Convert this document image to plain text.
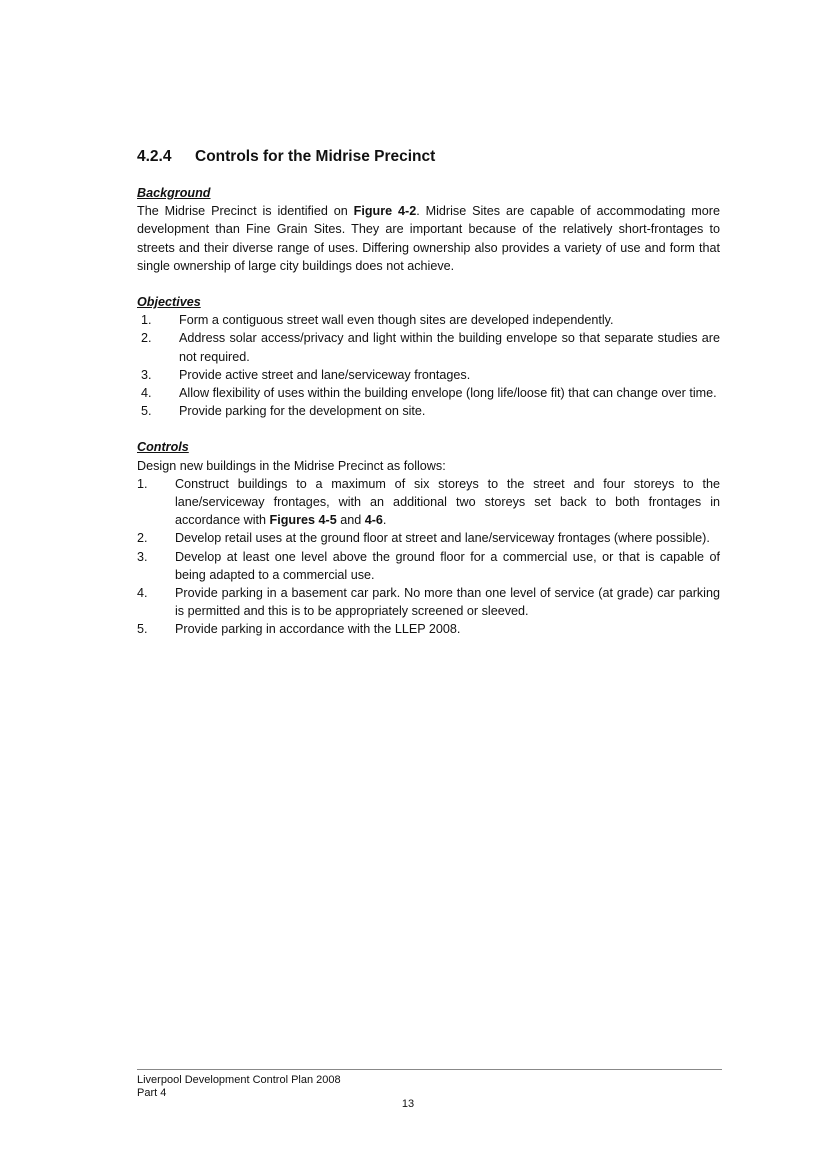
4.2.4	Controls for the Midrise Precinct

Background

The Midrise Precinct is identified on Figure 4-2. Midrise Sites are capable of accommodating more development than Fine Grain Sites. They are important because of the relatively short-frontages to streets and their diverse range of uses. Differing ownership also provides a variety of use and form that single ownership of large city buildings does not achieve.

Objectives

1.	Form a contiguous street wall even though sites are developed independently.
2.	Address solar access/privacy and light within the building envelope so that separate studies are not required.
3.	Provide active street and lane/serviceway frontages.
4.	Allow flexibility of uses within the building envelope (long life/loose fit) that can change over time.
5.	Provide parking for the development on site.

Controls

Design new buildings in the Midrise Precinct as follows:

1.	Construct buildings to a maximum of six storeys to the street and four storeys to the lane/serviceway frontages, with an additional two storeys set back to both frontages in accordance with Figures 4-5 and 4-6.
2.	Develop retail uses at the ground floor at street and lane/serviceway frontages (where possible).
3.	Develop at least one level above the ground floor for a commercial use, or that is capable of being adapted to a commercial use.
4.	Provide parking in a basement car park. No more than one level of service (at grade) car parking is permitted and this is to be appropriately screened or sleeved.
5.	Provide parking in accordance with the LLEP 2008.
Liverpool Development Control Plan 2008
Part 4
13
